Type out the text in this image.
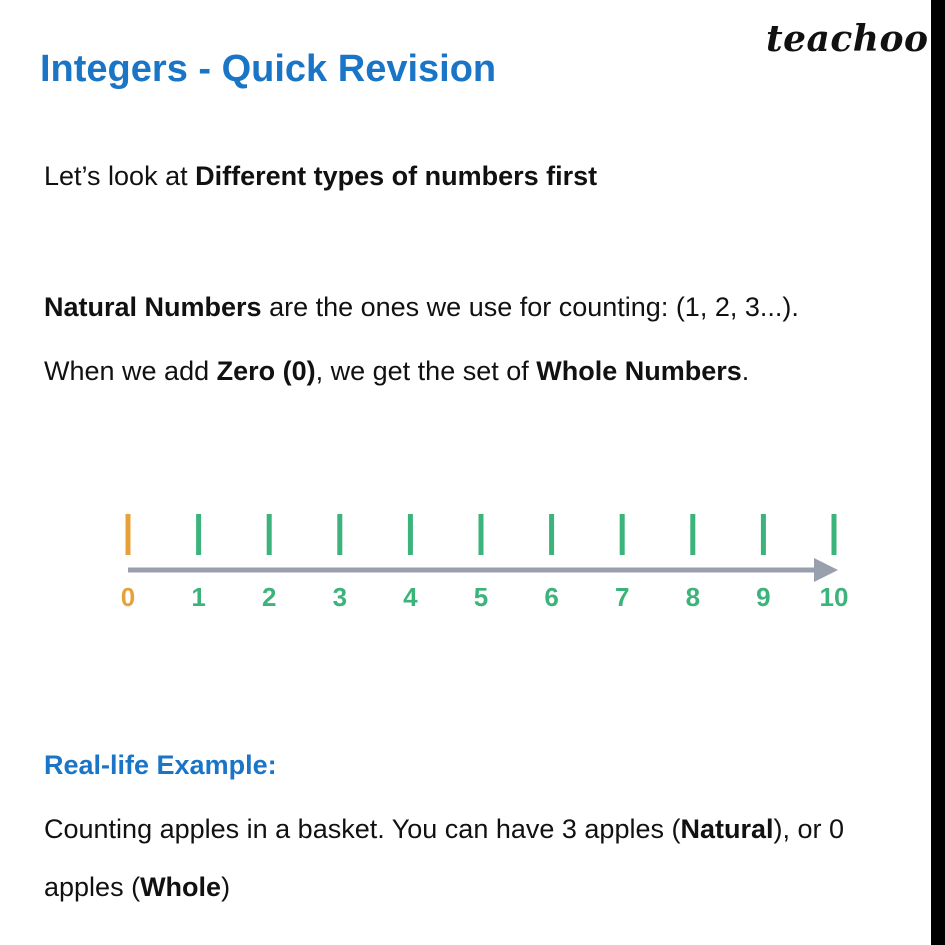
teachoo
Integers - Quick Revision
Let’s look at Different types of numbers first
Natural Numbers are the ones we use for counting: (1, 2, 3...).
When we add Zero (0), we get the set of Whole Numbers.
0 1 2 3 4 5 6 7 8 9 10
Real-life Example:
Counting apples in a basket. You can have 3 apples (Natural), or 0
apples (Whole)
